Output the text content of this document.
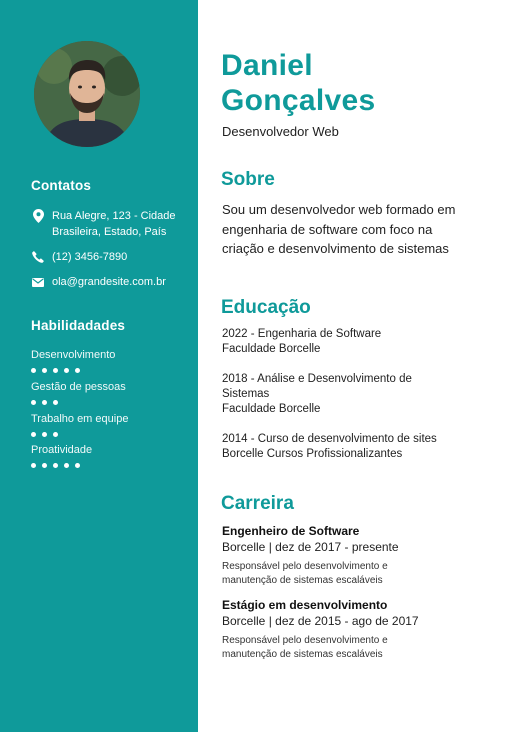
Contatos
Rua Alegre, 123 - Cidade Brasileira, Estado, País
(12) 3456-7890
ola@grandesite.com.br
Habilidadades
Desenvolvimento
Gestão de pessoas
Trabalho em equipe
Proatividade
Daniel
Gonçalves
Desenvolvedor Web
Sobre
Sou um desenvolvedor web formado em engenharia de software com foco na criação e desenvolvimento de sistemas
Educação
2022 - Engenharia de Software
Faculdade Borcelle
2018 - Análise e Desenvolvimento de Sistemas
Faculdade Borcelle
2014 - Curso de desenvolvimento de sites
Borcelle Cursos Profissionalizantes
Carreira
Engenheiro de Software
Borcelle | dez de 2017 - presente
Responsável pelo desenvolvimento e manutenção de sistemas escaláveis
Estágio em desenvolvimento
Borcelle | dez de 2015 - ago de 2017
Responsável pelo desenvolvimento e manutenção de sistemas escaláveis
